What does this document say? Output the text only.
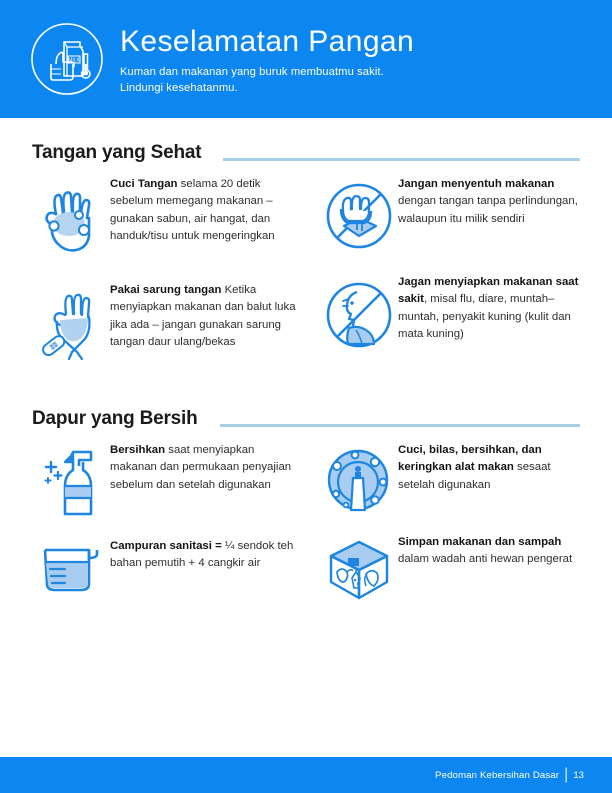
MILK
Keselamatan Pangan
Kuman dan makanan yang buruk membuatmu sakit.
Lindungi kesehatanmu.
Tangan yang Sehat
Cuci Tangan selama 20 detik sebelum memegang makanan – gunakan sabun, air hangat, dan handuk/tisu untuk mengeringkan
Pakai sarung tangan Ketika menyiapkan makanan dan balut luka jika ada – jangan gunakan sarung tangan daur ulang/bekas
Jangan menyentuh makanan dengan tangan tanpa perlindungan, walaupun itu milik sendiri
Jagan menyiapkan makanan saat sakit, misal flu, diare, muntah–muntah, penyakit kuning (kulit dan mata kuning)
Dapur yang Bersih
Bersihkan saat menyiapkan makanan dan permukaan penyajian sebelum dan setelah digunakan
Campuran sanitasi = ¼ sendok teh bahan pemutih + 4 cangkir air
Cuci, bilas, bersihkan, dan keringkan alat makan sesaat setelah digunakan
Simpan makanan dan sampah dalam wadah anti hewan pengerat
Pedoman Kebersihan Dasar | 13
